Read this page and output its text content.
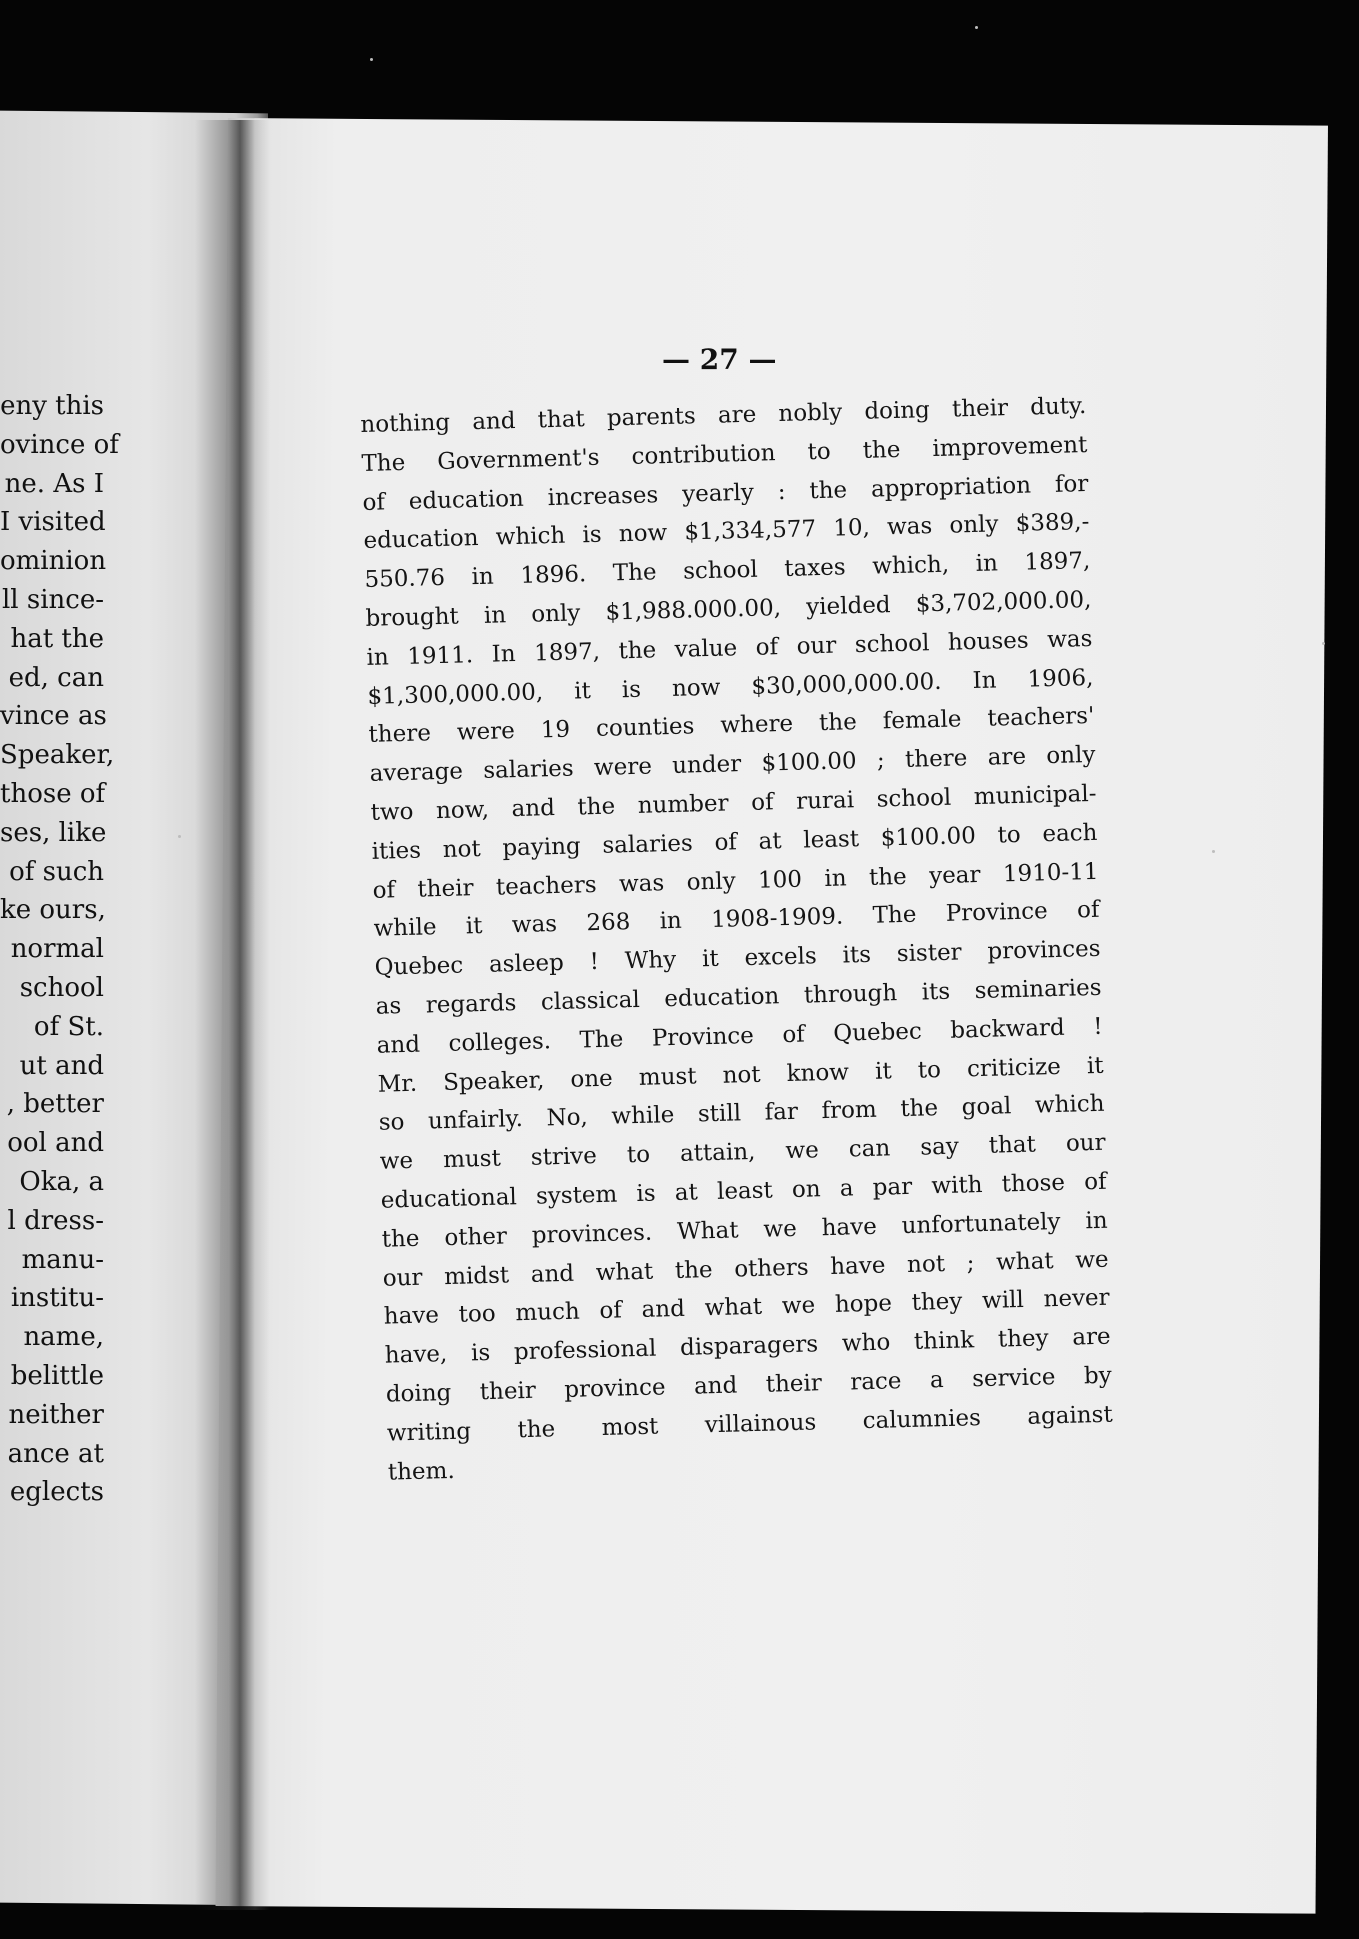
eny this
ovince of
ne. As I
I visited
ominion
ll since-
hat the
ed, can
vince as
Speaker,
those of
ses, like
of such
ke ours,
normal
school
of St.
ut and
, better
ool and
Oka, a
l dress-
manu-
institu-
name,
belittle
neither
ance at
eglects
— 27 —
nothing and that parents are nobly doing their duty.
The Government's contribution to the improvement
of education increases yearly : the appropriation for
education which is now $1,334,577 10, was only $389,-
550.76 in 1896. The school taxes which, in 1897,
brought in only $1,988.000.00, yielded $3,702,000.00,
in 1911. In 1897, the value of our school houses was
$1,300,000.00, it is now $30,000,000.00. In 1906,
there were 19 counties where the female teachers'
average salaries were under $100.00 ; there are only
two now, and the number of rurai school municipal-
ities not paying salaries of at least $100.00 to each
of their teachers was only 100 in the year 1910-11
while it was 268 in 1908-1909. The Province of
Quebec asleep ! Why it excels its sister provinces
as regards classical education through its seminaries
and colleges. The Province of Quebec backward !
Mr. Speaker, one must not know it to criticize it
so unfairly. No, while still far from the goal which
we must strive to attain, we can say that our
educational system is at least on a par with those of
the other provinces. What we have unfortunately in
our midst and what the others have not ; what we
have too much of and what we hope they will never
have, is professional disparagers who think they are
doing their province and their race a service by
writing the most villainous calumnies against
them.
